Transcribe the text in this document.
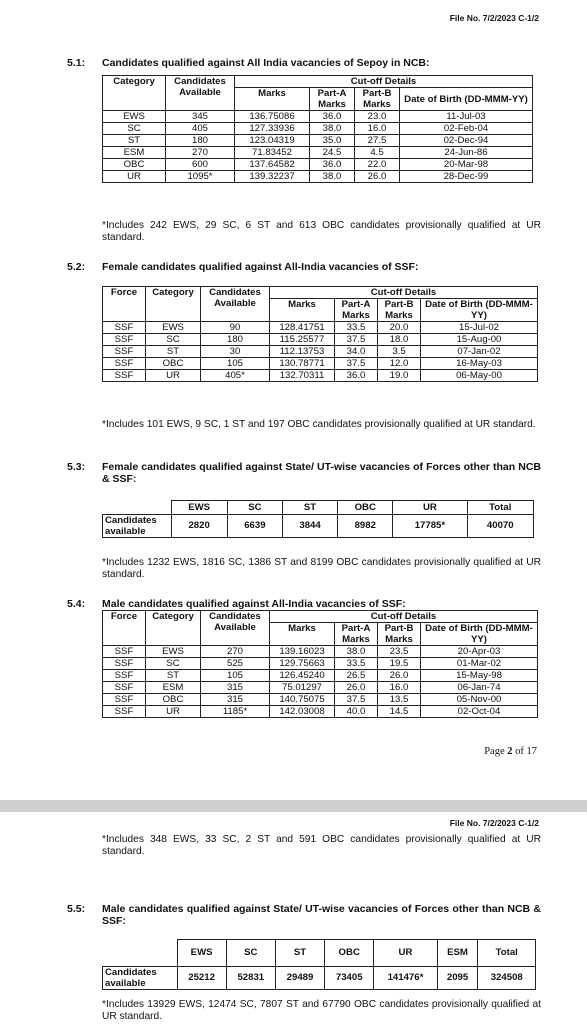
File No. 7/2/2023 C-1/2
5.1:	Candidates qualified against All India vacancies of Sepoy in NCB:
Category	Candidates Available	Cut-off Details			
		Marks	Part-A Marks	Part-B Marks	Date of Birth (DD-MMM-YY)
EWS	345	136.75086	36.0	23.0	11-Jul-03
SC	405	127.33936	38.0	16.0	02-Feb-04
ST	180	123.04319	35.0	27.5	02-Dec-94
ESM	270	71.83452	24.5	4.5	24-Jun-86
OBC	600	137.64582	36.0	22.0	20-Mar-98
UR	1095*	139.32237	38.0	26.0	28-Dec-99
*Includes 242 EWS, 29 SC, 6 ST and 613 OBC candidates provisionally qualified at UR standard.
5.2:	Female candidates qualified against All-India vacancies of SSF:
Force	Category	Candidates Available	Cut-off Details			
			Marks	Part-A Marks	Part-B Marks	Date of Birth (DD-MMM-YY)
SSF	EWS	90	128.41751	33.5	20.0	15-Jul-02
SSF	SC	180	115.25577	37.5	18.0	15-Aug-00
SSF	ST	30	112.13753	34.0	3.5	07-Jan-02
SSF	OBC	105	130.78771	37.5	12.0	16-May-03
SSF	UR	405*	132.70311	36.0	19.0	06-May-00
*Includes 101 EWS, 9 SC, 1 ST and 197 OBC candidates provisionally qualified at UR standard.
5.3:	Female candidates qualified against State/ UT-wise vacancies of Forces other than NCB & SSF:
	EWS	SC	ST	OBC	UR	Total
Candidates available	2820	6639	3844	8982	17785*	40070
*Includes 1232 EWS, 1816 SC, 1386 ST and 8199 OBC candidates provisionally qualified at UR standard.
5.4:	Male candidates qualified against All-India vacancies of SSF:
Force	Category	Candidates Available	Cut-off Details			
			Marks	Part-A Marks	Part-B Marks	Date of Birth (DD-MMM-YY)
SSF	EWS	270	139.16023	38.0	23.5	20-Apr-03
SSF	SC	525	129.75663	33.5	19.5	01-Mar-02
SSF	ST	105	126.45240	26.5	26.0	15-May-98
SSF	ESM	315	75.01297	26.0	16.0	06-Jan-74
SSF	OBC	315	140.75075	37.5	13.5	05-Nov-00
SSF	UR	1185*	142.03008	40.0	14.5	02-Oct-04
Page 2 of 17
File No. 7/2/2023 C-1/2
*Includes 348 EWS, 33 SC, 2 ST and 591 OBC candidates provisionally qualified at UR standard.
5.5:	Male candidates qualified against State/ UT-wise vacancies of Forces other than NCB & SSF:
	EWS	SC	ST	OBC	UR	ESM	Total
Candidates available	25212	52831	29489	73405	141476*	2095	324508
*Includes 13929 EWS, 12474 SC, 7807 ST and 67790 OBC candidates provisionally qualified at UR standard.
